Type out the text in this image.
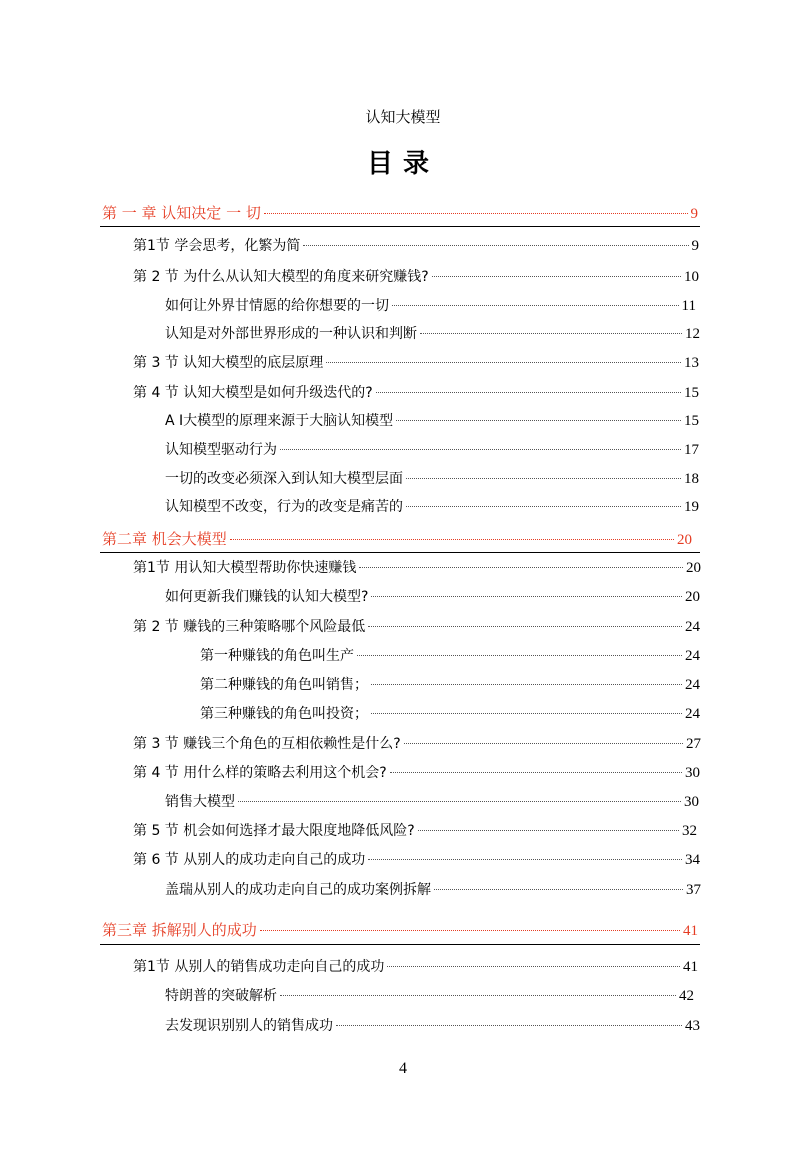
认知大模型
目录
第 一 章 认知决定 一 切	9
第1节 学会思考，化繁为简	9
第 2 节 为什么从认知大模型的角度来研究赚钱?	10
如何让外界甘情愿的给你想要的一切	11
认知是对外部世界形成的一种认识和判断	12
第 3 节 认知大模型的底层原理	13
第 4 节 认知大模型是如何升级迭代的?	15
A I大模型的原理来源于大脑认知模型	15
认知模型驱动行为	17
一切的改变必须深入到认知大模型层面	18
认知模型不改变，行为的改变是痛苦的	19
第二章 机会大模型	20
第1节 用认知大模型帮助你快速赚钱	20
如何更新我们赚钱的认知大模型?	20
第 2 节 赚钱的三种策略哪个风险最低	24
第一种赚钱的角色叫生产	24
第二种赚钱的角色叫销售；	24
第三种赚钱的角色叫投资；	24
第 3 节 赚钱三个角色的互相依赖性是什么?	27
第 4 节 用什么样的策略去利用这个机会?	30
销售大模型	30
第 5 节 机会如何选择才最大限度地降低风险?	32
第 6 节 从别人的成功走向自己的成功	34
盖瑞从别人的成功走向自己的成功案例拆解	37
第三章 拆解别人的成功	41
第1节 从别人的销售成功走向自己的成功	41
特朗普的突破解析	42
去发现识别别人的销售成功	43
4
